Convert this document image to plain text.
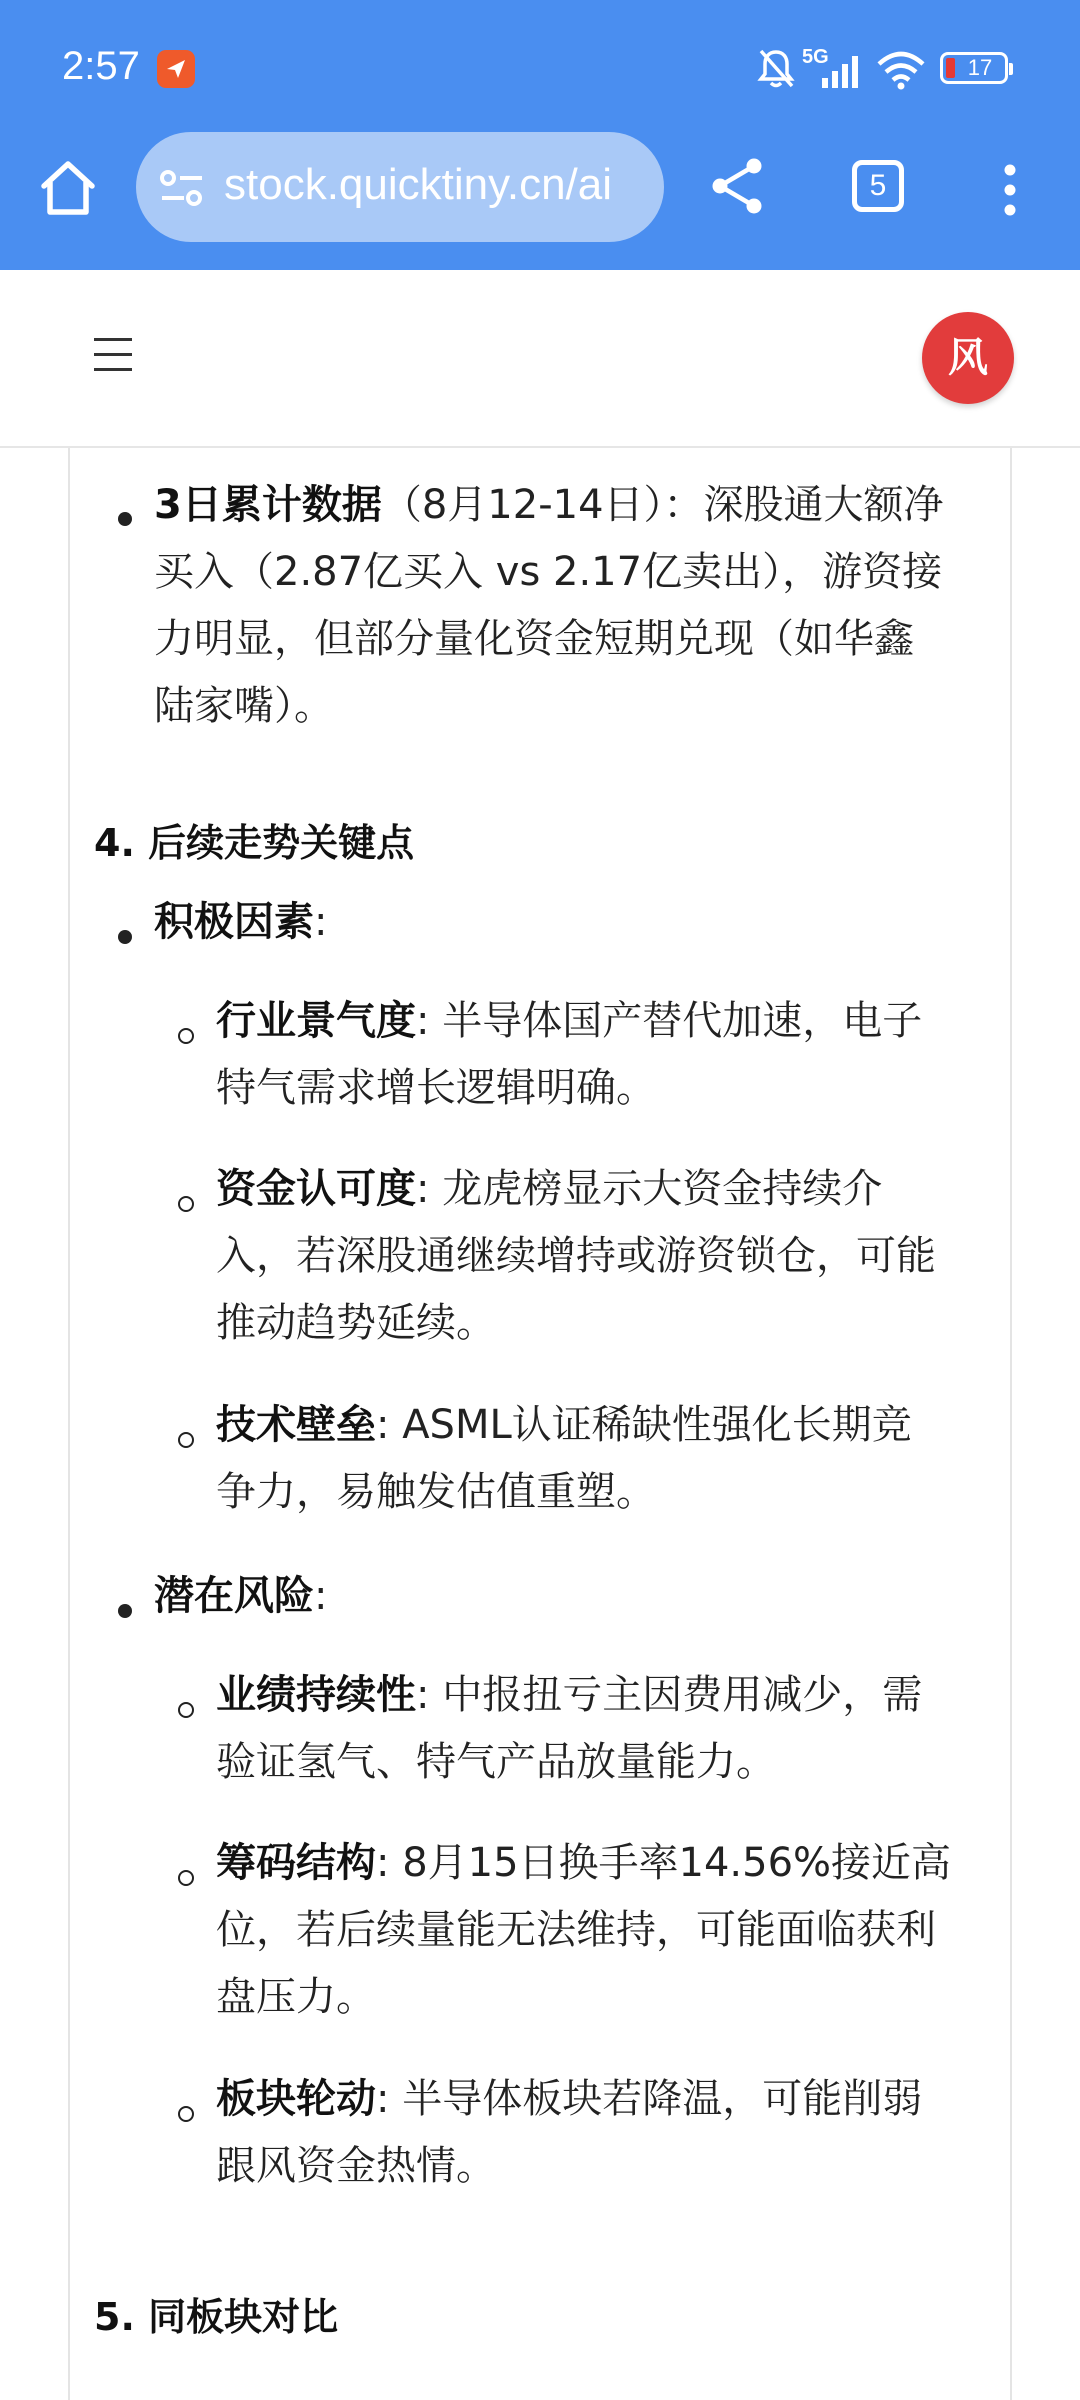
2:57	5G	17
stock.quicktiny.cn/ai	5
风
3日累计数据（8月12-14日）：深股通大额净
买入（2.87亿买入 vs 2.17亿卖出），游资接
力明显，但部分量化资金短期兑现（如华鑫
陆家嘴）。
4. 后续走势关键点
积极因素:
行业景气度: 半导体国产替代加速，电子
特气需求增长逻辑明确。
资金认可度: 龙虎榜显示大资金持续介
入，若深股通继续增持或游资锁仓，可能
推动趋势延续。
技术壁垒: ASML认证稀缺性强化长期竞
争力，易触发估值重塑。
潜在风险:
业绩持续性: 中报扭亏主因费用减少，需
验证氢气、特气产品放量能力。
筹码结构: 8月15日换手率14.56%接近高
位，若后续量能无法维持，可能面临获利
盘压力。
板块轮动: 半导体板块若降温，可能削弱
跟风资金热情。
5. 同板块对比
